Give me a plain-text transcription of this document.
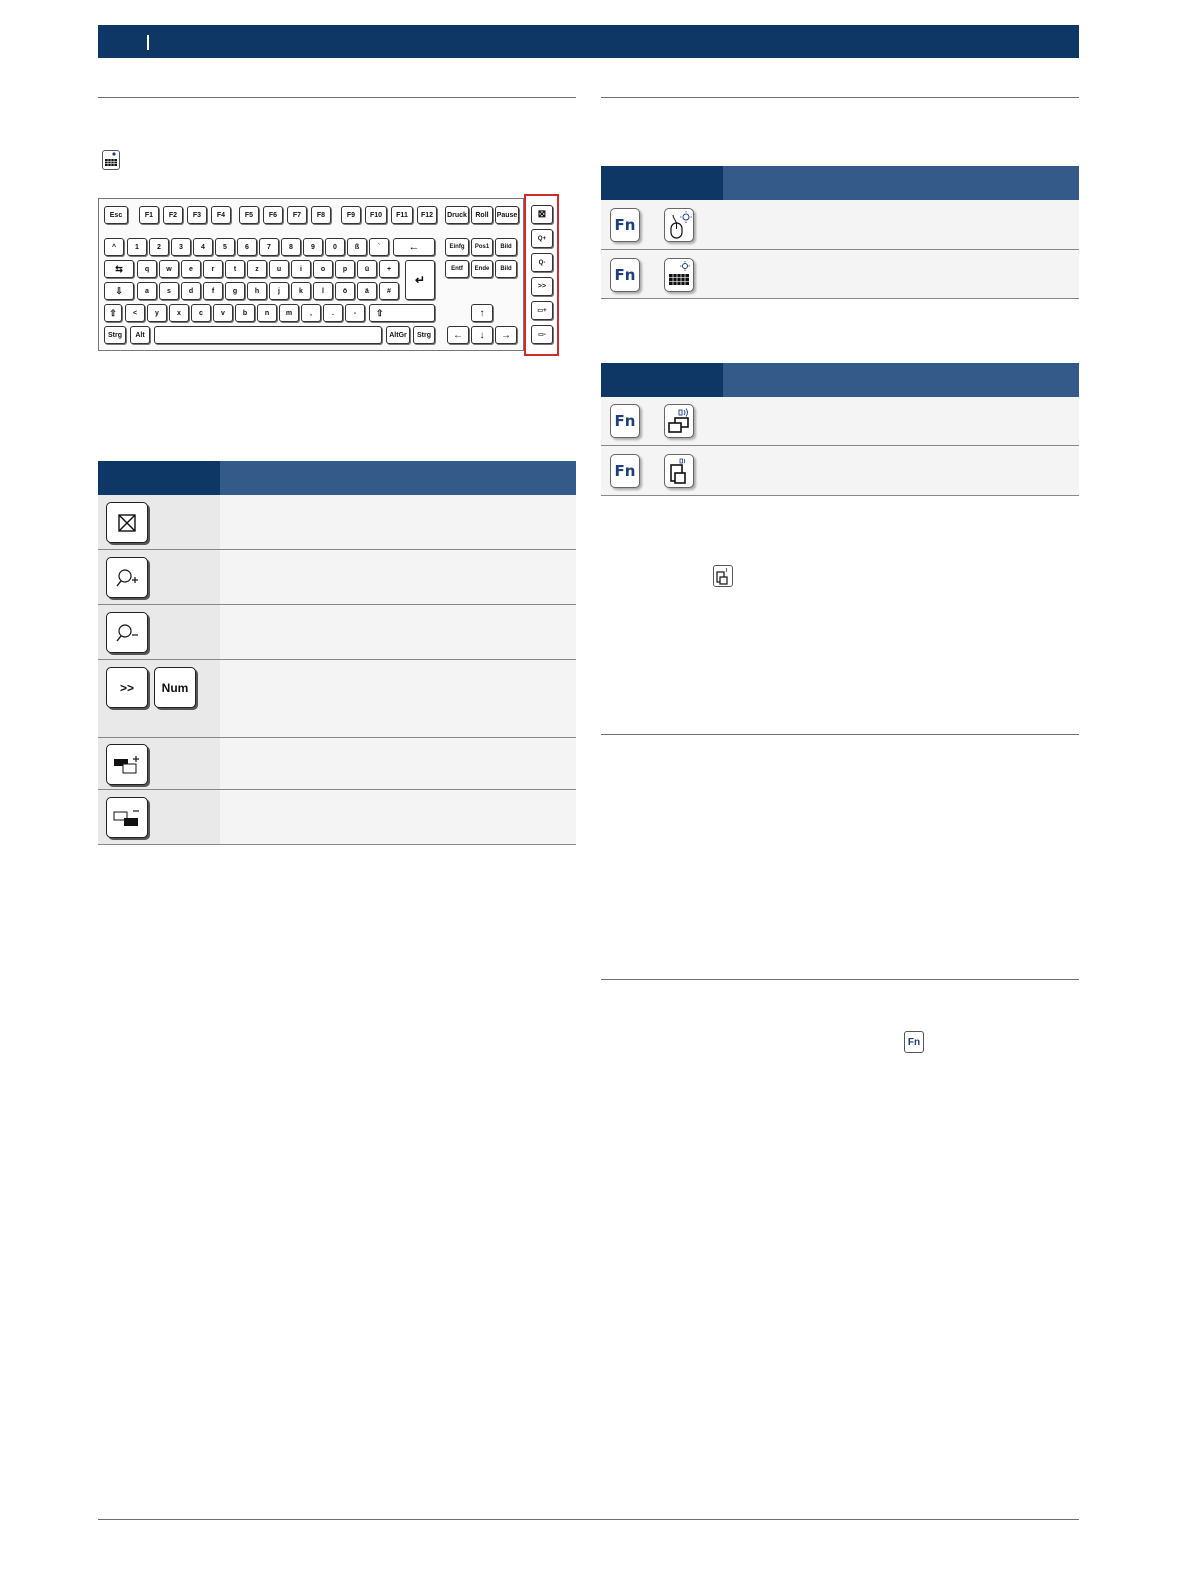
Esc	F1	F2	F3	F4	F5	F6	F7	F8	F9	F10	F11	F12	Druck	Roll	Pause
^	1	2	3	4	5	6	7	8	9	0	ß	`	←
⇆	q	w	e	r	t	z	u	i	o	p	ü	+
↵
⇩	a	s	d	f	g	h	j	k	l	ö	ä	#
⇧	<	y	x	c	v	b	n	m	,	.	-	⇧
Strg	Alt	AltGr	Strg
Einfg	Pos1	Bild
Entf	Ende	Bild
↑
←	↓	→
⊠
Q+
Q-
>>
▭+
▭-
>>	Num
Fn
Fn
Fn
Fn
Fn
